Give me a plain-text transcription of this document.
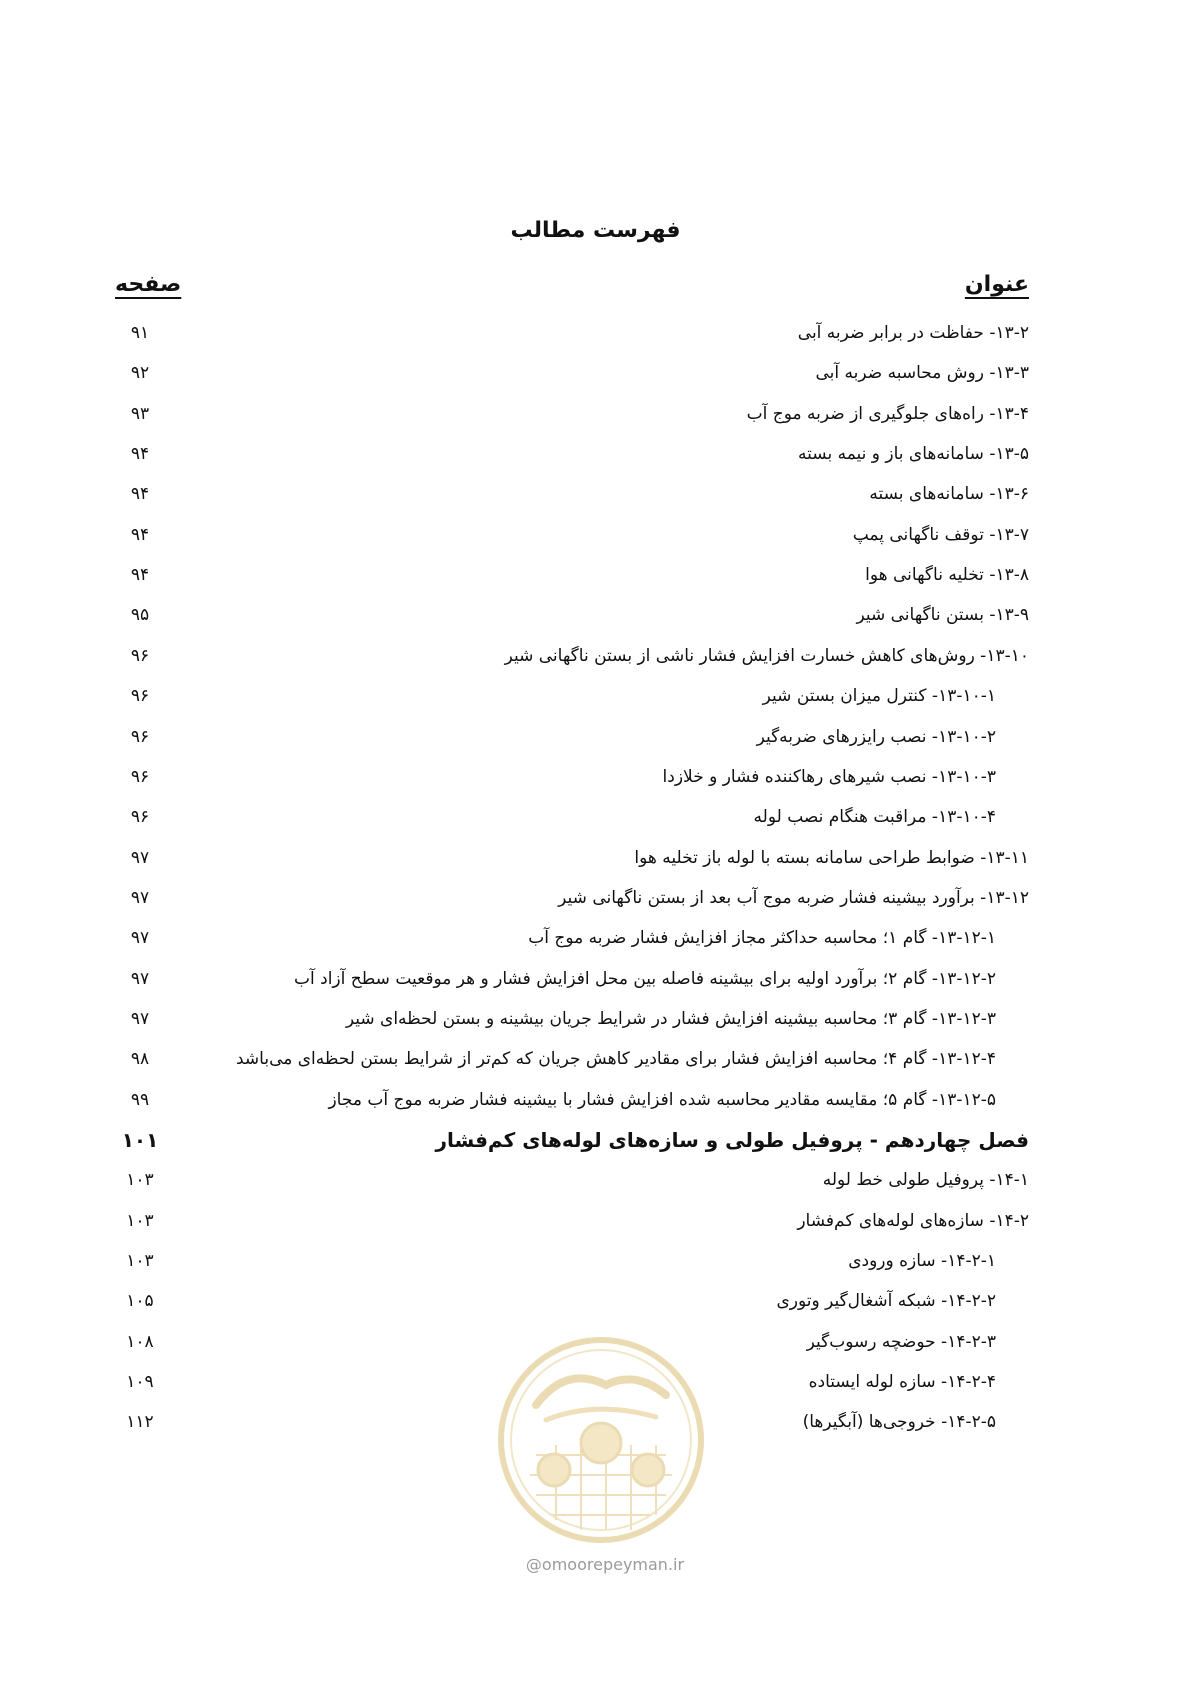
فهرست مطالب
عنوان
صفحه
۱۳-۲- حفاظت در برابر ضربه آبی
۹۱
۱۳-۳- روش محاسبه ضربه آبی
۹۲
۱۳-۴- راه‌های جلوگیری از ضربه موج آب
۹۳
۱۳-۵- سامانه‌های باز و نیمه بسته
۹۴
۱۳-۶- سامانه‌های بسته
۹۴
۱۳-۷- توقف ناگهانی پمپ
۹۴
۱۳-۸- تخلیه ناگهانی هوا
۹۴
۱۳-۹- بستن ناگهانی شیر
۹۵
۱۳-۱۰- روش‌های کاهش خسارت افزایش فشار ناشی از بستن ناگهانی شیر
۹۶
۱۳-۱۰-۱- کنترل میزان بستن شیر
۹۶
۱۳-۱۰-۲- نصب رایزرهای ضربه‌گیر
۹۶
۱۳-۱۰-۳- نصب شیرهای رهاکننده فشار و خلازدا
۹۶
۱۳-۱۰-۴- مراقبت هنگام نصب لوله
۹۶
۱۳-۱۱- ضوابط طراحی سامانه بسته با لوله باز تخلیه هوا
۹۷
۱۳-۱۲- برآورد بیشینه فشار ضربه موج آب بعد از بستن ناگهانی شیر
۹۷
۱۳-۱۲-۱- گام ۱؛ محاسبه حداکثر مجاز افزایش فشار ضربه موج آب
۹۷
۱۳-۱۲-۲- گام ۲؛ برآورد اولیه برای بیشینه فاصله بین محل افزایش فشار و هر موقعیت سطح آزاد آب
۹۷
۱۳-۱۲-۳- گام ۳؛ محاسبه بیشینه افزایش فشار در شرایط جریان بیشینه و بستن لحظه‌ای شیر
۹۷
۱۳-۱۲-۴- گام ۴؛ محاسبه افزایش فشار برای مقادیر کاهش جریان که کم‌تر از شرایط بستن لحظه‌ای می‌باشد
۹۸
۱۳-۱۲-۵- گام ۵؛ مقایسه مقادیر محاسبه شده افزایش فشار با بیشینه فشار ضربه موج آب مجاز
۹۹
فصل چهاردهم - پروفیل طولی و سازه‌های لوله‌های کم‌فشار
۱۰۱
۱۴-۱- پروفیل طولی خط لوله
۱۰۳
۱۴-۲- سازه‌های لوله‌های کم‌فشار
۱۰۳
۱۴-۲-۱- سازه ورودی
۱۰۳
۱۴-۲-۲- شبکه آشغال‌گیر وتوری
۱۰۵
۱۴-۲-۳- حوضچه رسوب‌گیر
۱۰۸
۱۴-۲-۴- سازه لوله ایستاده
۱۰۹
۱۴-۲-۵- خروجی‌ها (آبگیرها)
۱۱۲
@omoorepeyman.ir
